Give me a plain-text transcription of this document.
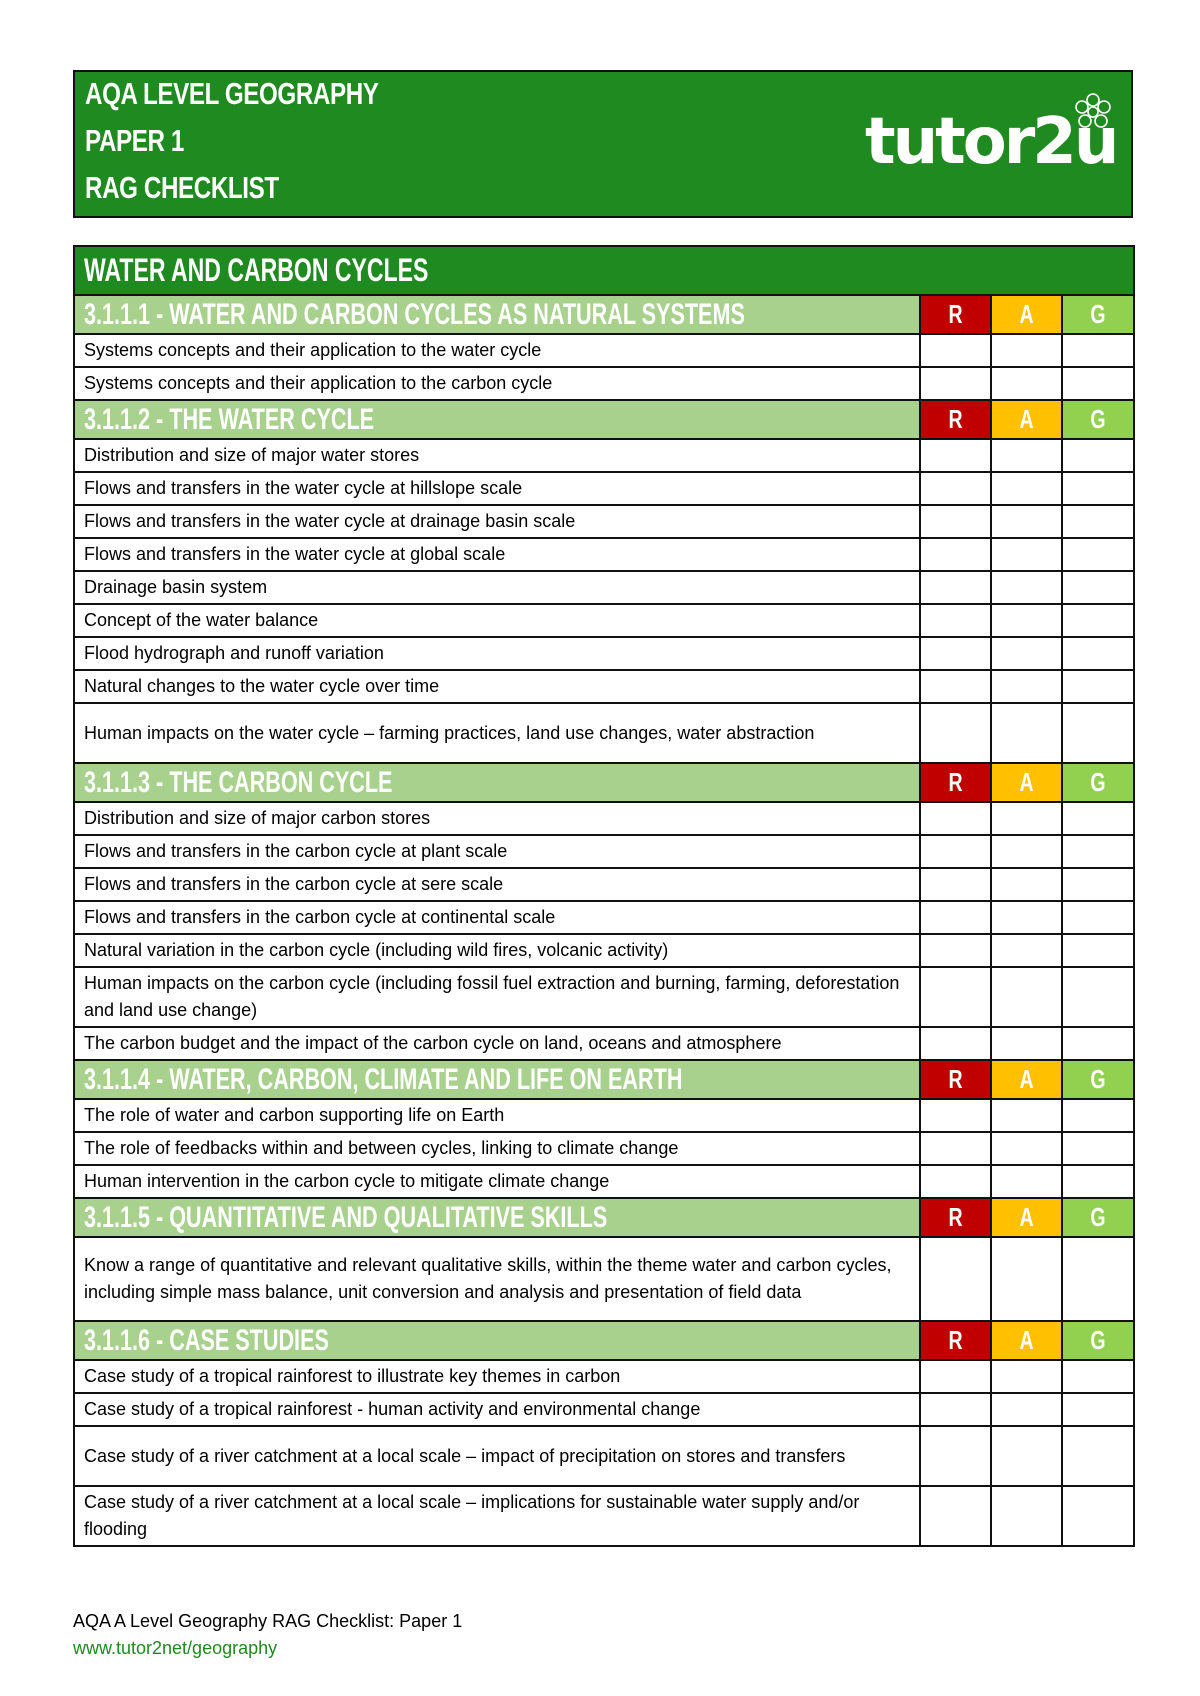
AQA LEVEL GEOGRAPHY
PAPER 1
RAG CHECKLIST
tutor2u
WATER AND CARBON CYCLES			
3.1.1.1 - WATER AND CARBON CYCLES AS NATURAL SYSTEMS	R	A	G

Systems concepts and their application to the water cycle			
Systems concepts and their application to the carbon cycle			
3.1.1.2 - THE WATER CYCLE	R	A	G

Distribution and size of major water stores			
Flows and transfers in the water cycle at hillslope scale			
Flows and transfers in the water cycle at drainage basin scale			
Flows and transfers in the water cycle at global scale			
Drainage basin system			
Concept of the water balance			
Flood hydrograph and runoff variation			
Natural changes to the water cycle over time			
Human impacts on the water cycle – farming practices, land use changes, water abstraction			
3.1.1.3 - THE CARBON CYCLE	R	A	G

Distribution and size of major carbon stores			
Flows and transfers in the carbon cycle at plant scale			
Flows and transfers in the carbon cycle at sere scale			
Flows and transfers in the carbon cycle at continental scale			
Natural variation in the carbon cycle (including wild fires, volcanic activity)			
Human impacts on the carbon cycle (including fossil fuel extraction and burning, farming, deforestation and land use change)			
The carbon budget and the impact of the carbon cycle on land, oceans and atmosphere			
3.1.1.4 - WATER, CARBON, CLIMATE AND LIFE ON EARTH	R	A	G

The role of water and carbon supporting life on Earth			
The role of feedbacks within and between cycles, linking to climate change			
Human intervention in the carbon cycle to mitigate climate change			
3.1.1.5 - QUANTITATIVE AND QUALITATIVE SKILLS	R	A	G

Know a range of quantitative and relevant qualitative skills, within the theme water and carbon cycles, including simple mass balance, unit conversion and analysis and presentation of field data			
3.1.1.6 - CASE STUDIES	R	A	G

Case study of a tropical rainforest to illustrate key themes in carbon			
Case study of a tropical rainforest - human activity and environmental change			
Case study of a river catchment at a local scale – impact of precipitation on stores and transfers			
Case study of a river catchment at a local scale – implications for sustainable water supply and/or flooding			
AQA A Level Geography RAG Checklist: Paper 1
www.tutor2net/geography
